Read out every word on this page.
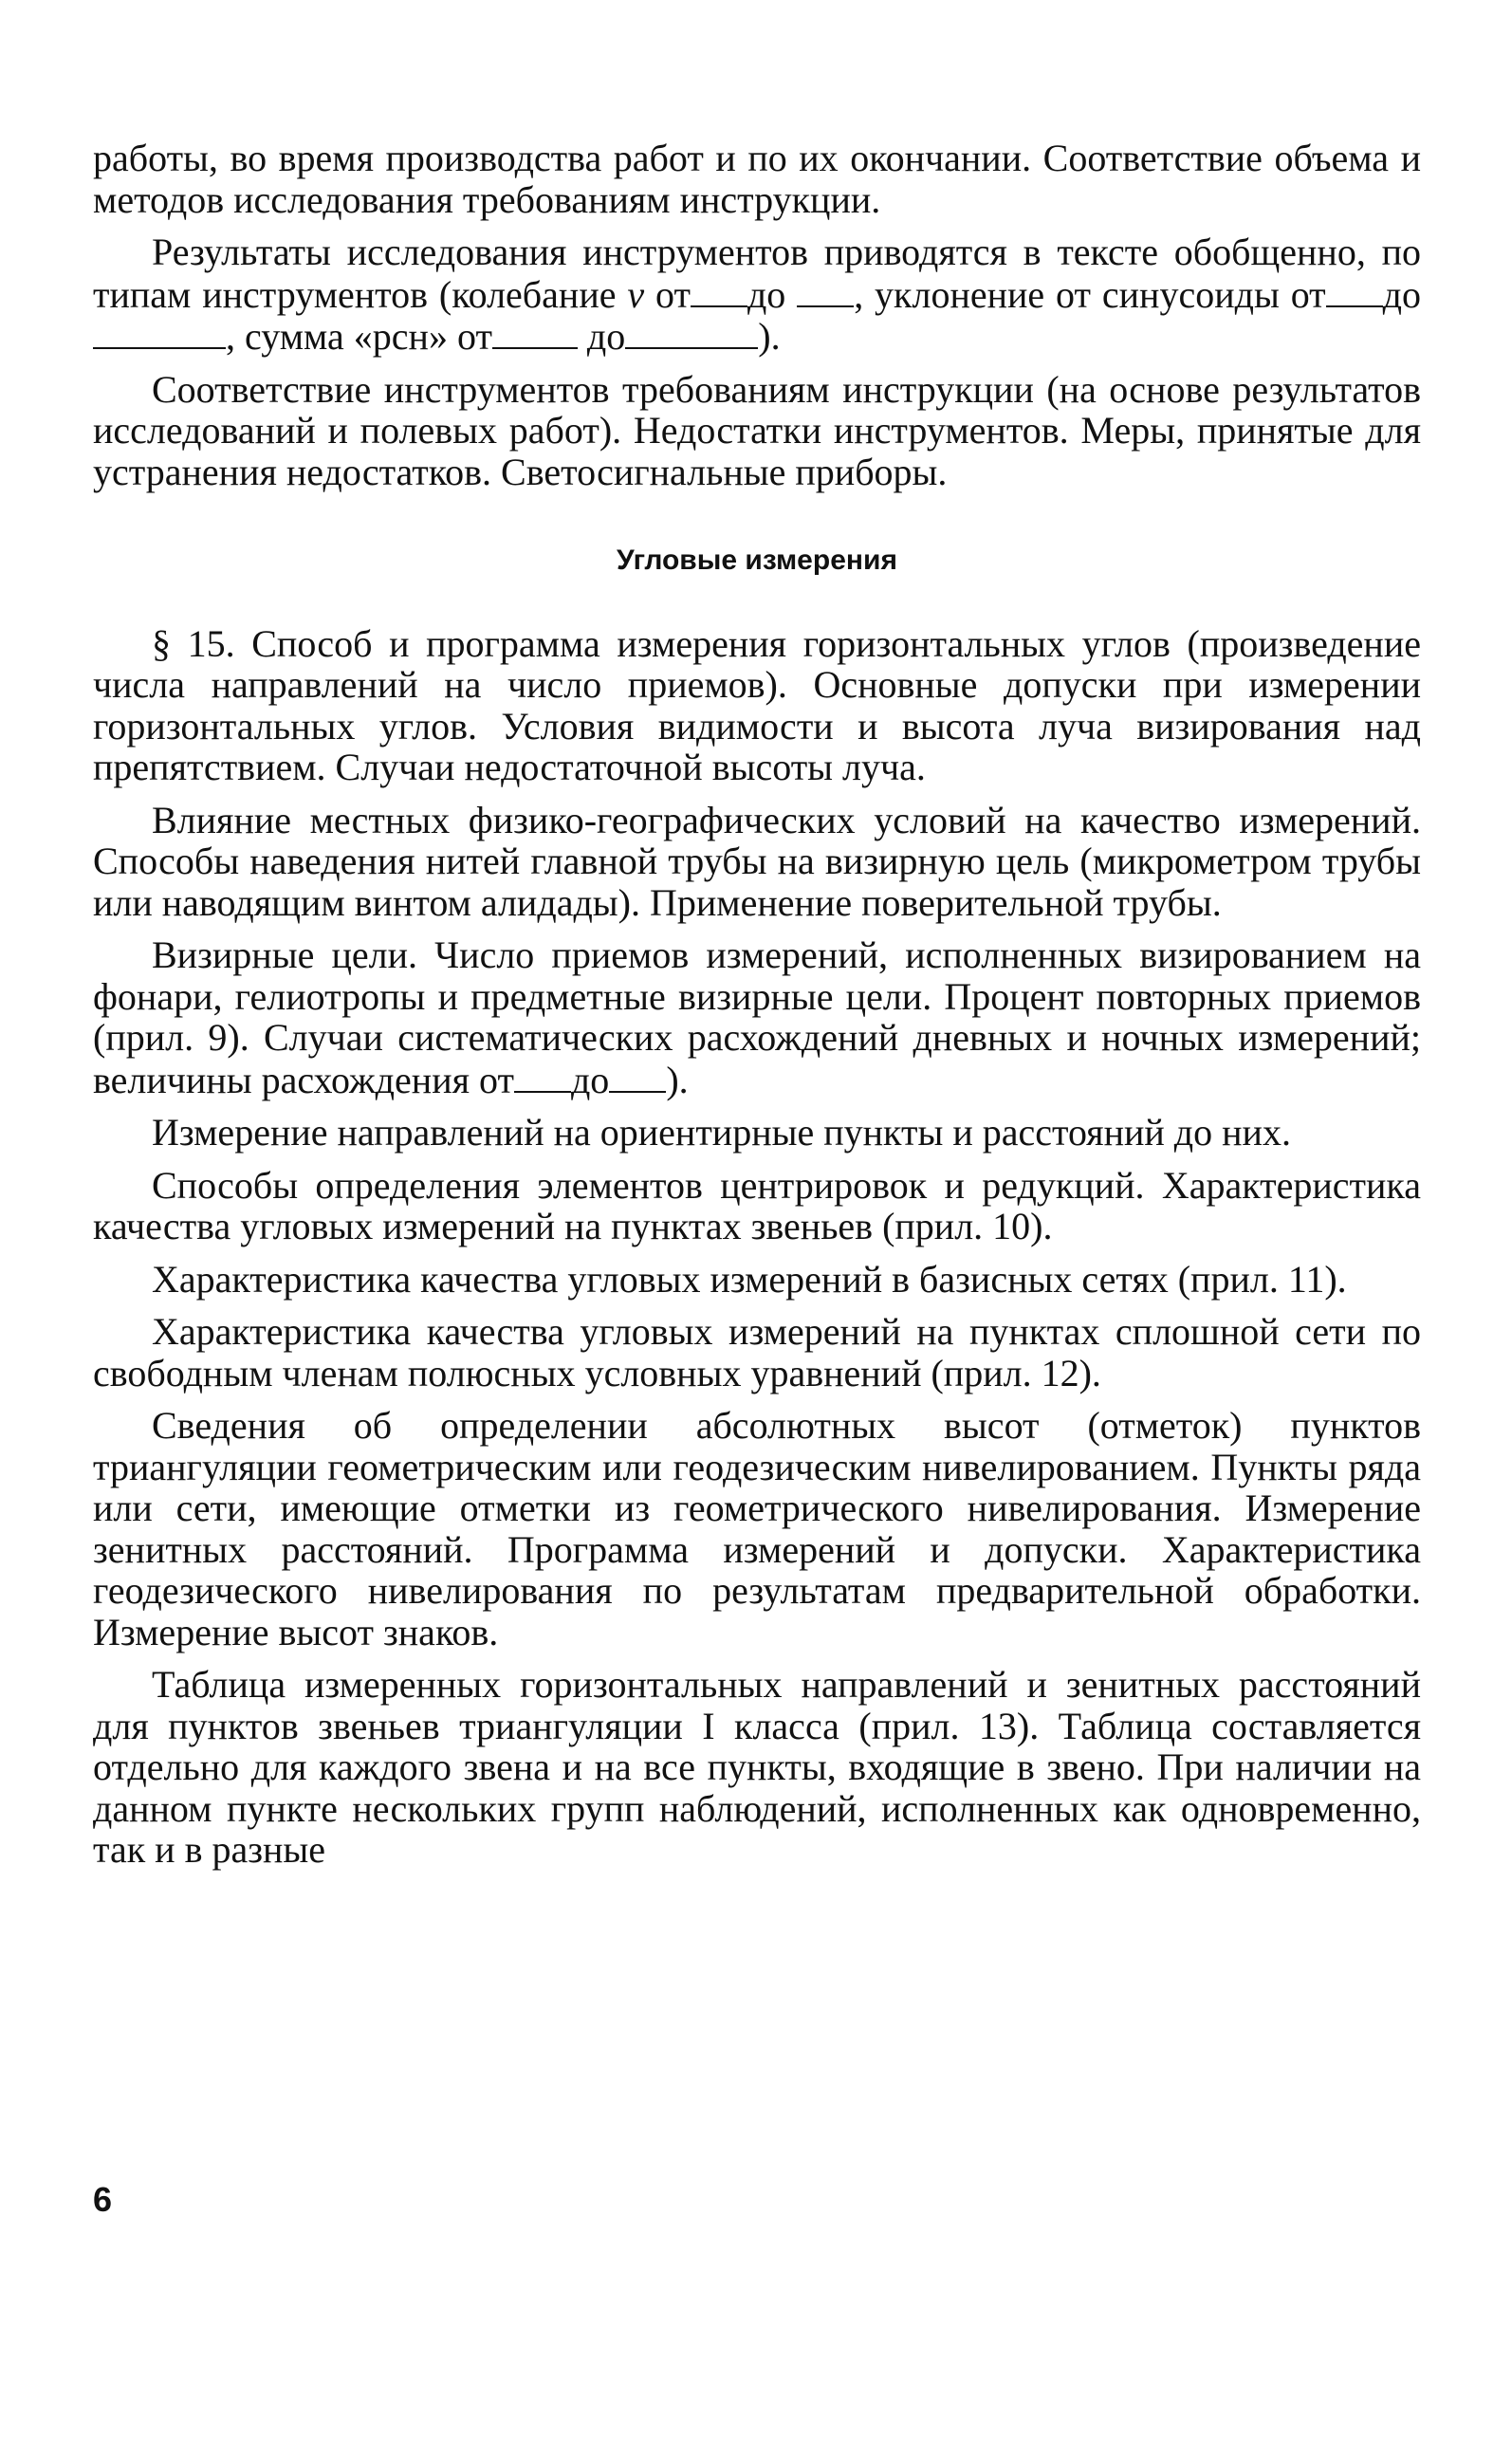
работы, во время производства работ и по их окончании. Соответствие объема и методов исследования требованиям инструкции.

Результаты исследования инструментов приводятся в тексте обобщенно, по типам инструментов (колебание v от до , уклонение от синусоиды от до, сумма «рсн» от	до	).

Соответствие инструментов требованиям инструкции (на основе результатов исследований и полевых работ). Недостатки инструментов. Меры, принятые для устранения недостатков. Светосигнальные приборы.

Угловые измерения

§ 15. Способ и программа измерения горизонтальных углов (произведение числа направлений на число приемов). Основные допуски при измерении горизонтальных углов. Условия видимости и высота луча визирования над препятствием. Случаи недостаточной высоты луча.

Влияние местных физико-географических условий на качество измерений. Способы наведения нитей главной трубы на визирную цель (микрометром трубы или наводящим винтом алидады). Применение поверительной трубы.

Визирные цели. Число приемов измерений, исполненных визированием на фонари, гелиотропы и предметные визирные цели. Процент повторных приемов (прил. 9). Случаи систематических расхождений дневных и ночных измерений; величины расхождения от до ).

Измерение направлений на ориентирные пункты и расстояний до них.

Способы определения элементов центрировок и редукций. Характеристика качества угловых измерений на пунктах звеньев (прил. 10).

Характеристика качества угловых измерений в базисных сетях (прил. 11).

Характеристика качества угловых измерений на пунктах сплошной сети по свободным членам полюсных условных уравнений (прил. 12).

Сведения об определении абсолютных высот (отметок) пунктов триангуляции геометрическим или геодезическим нивелированием. Пункты ряда или сети, имеющие отметки из геометрического нивелирования. Измерение зенитных расстояний. Программа измерений и допуски. Характеристика геодезического нивелирования по результатам предварительной обработки. Измерение высот знаков.

Таблица измеренных горизонтальных направлений и зенитных расстояний для пунктов звеньев триангуляции I класса (прил. 13). Таблица составляется отдельно для каждого звена и на все пункты, входящие в звено. При наличии на данном пункте нескольких групп наблюдений, исполненных как одновременно, так и в разные

6
